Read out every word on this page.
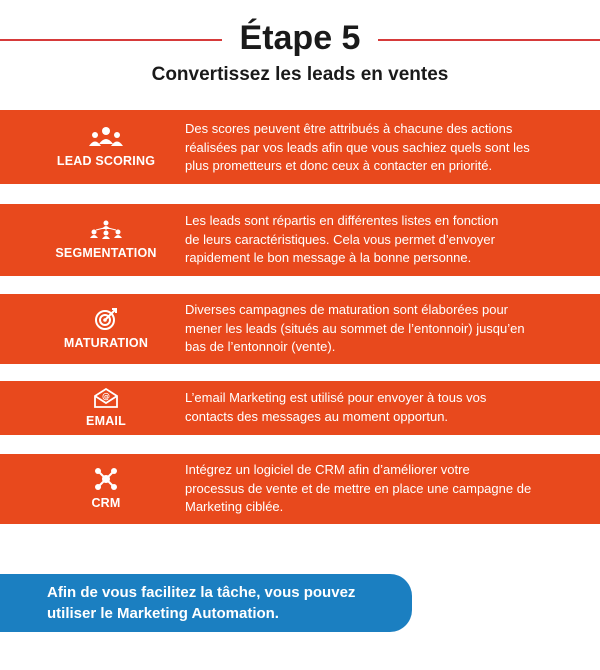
Étape 5
Convertissez les leads en ventes
LEAD SCORING
Des scores peuvent être attribués à chacune des actions
réalisées par vos leads afin que vous sachiez quels sont les
plus prometteurs et donc ceux à contacter en priorité.
SEGMENTATION
Les leads sont répartis en différentes listes en fonction
de leurs caractéristiques. Cela vous permet d’envoyer
rapidement le bon message à la bonne personne.
MATURATION
Diverses campagnes de maturation sont élaborées pour
mener les leads (situés au sommet de l’entonnoir) jusqu’en
bas de l’entonnoir (vente).
@
EMAIL
L’email Marketing est utilisé pour envoyer à tous vos
contacts des messages au moment opportun.
CRM
Intégrez un logiciel de CRM afin d’améliorer votre
processus de vente et de mettre en place une campagne de
Marketing ciblée.
Afin de vous facilitez la tâche, vous pouvez
utiliser le Marketing Automation.
